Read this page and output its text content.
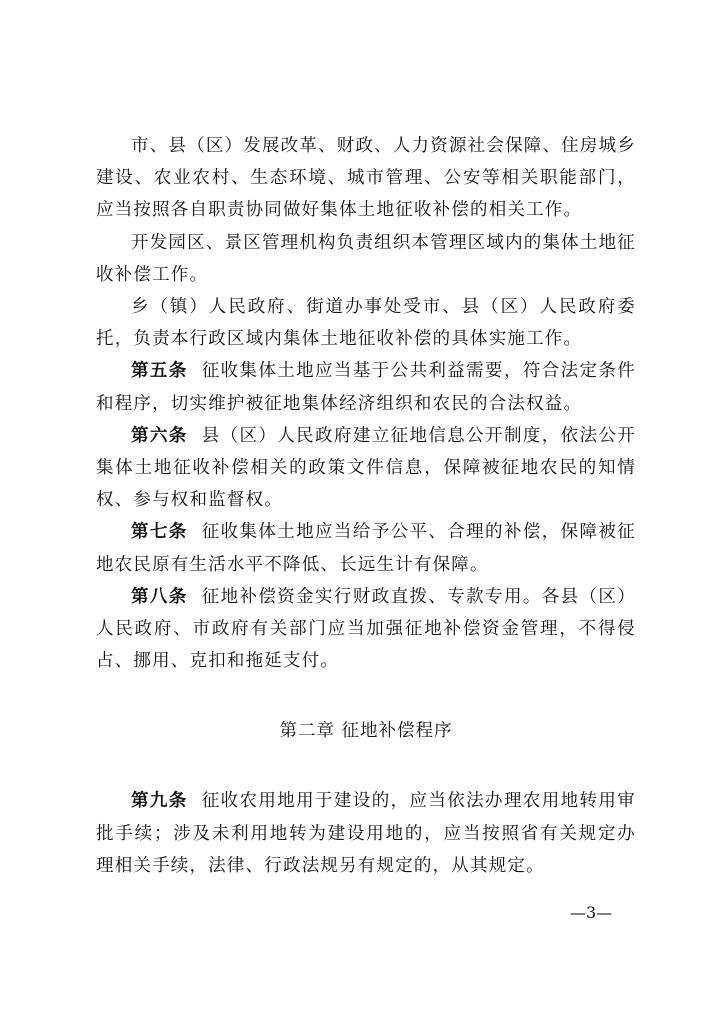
市、县（区）发展改革、财政、人力资源社会保障、住房城乡建设、农业农村、生态环境、城市管理、公安等相关职能部门，应当按照各自职责协同做好集体土地征收补偿的相关工作。

开发园区、景区管理机构负责组织本管理区域内的集体土地征收补偿工作。

乡（镇）人民政府、街道办事处受市、县（区）人民政府委托，负责本行政区域内集体土地征收补偿的具体实施工作。

第五条 征收集体土地应当基于公共利益需要，符合法定条件和程序，切实维护被征地集体经济组织和农民的合法权益。

第六条 县（区）人民政府建立征地信息公开制度，依法公开集体土地征收补偿相关的政策文件信息，保障被征地农民的知情权、参与权和监督权。

第七条 征收集体土地应当给予公平、合理的补偿，保障被征地农民原有生活水平不降低、长远生计有保障。

第八条 征地补偿资金实行财政直拨、专款专用。各县（区）人民政府、市政府有关部门应当加强征地补偿资金管理，不得侵占、挪用、克扣和拖延支付。

第二章 征地补偿程序

第九条 征收农用地用于建设的，应当依法办理农用地转用审批手续；涉及未利用地转为建设用地的，应当按照省有关规定办理相关手续，法律、行政法规另有规定的，从其规定。

—3—
